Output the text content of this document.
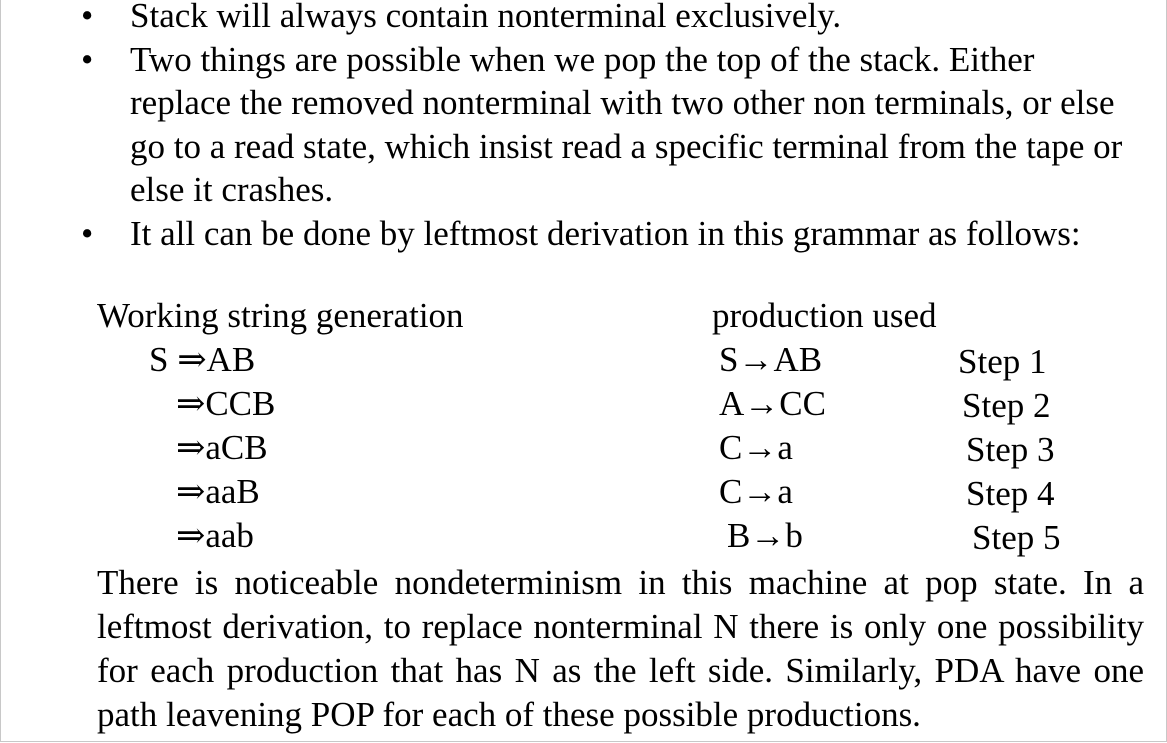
• Stack will always contain nonterminal exclusively.
• Two things are possible when we pop the top of the stack. Either replace the removed nonterminal with two other non terminals, or else go to a read state, which insist read a specific terminal from the tape or else it crashes.
• It all can be done by leftmost derivation in this grammar as follows:
Working string generation	production used
S ⇒AB	S→AB	Step 1
⇒CCB	A→CC	Step 2
⇒aCB	C→a	Step 3
⇒aaB	C→a	Step 4
⇒aab	B→b	Step 5

There is noticeable nondeterminism in this machine at pop state. In a leftmost derivation, to replace nonterminal N there is only one possibility for each production that has N as the left side. Similarly, PDA have one path leavening POP for each of these possible productions.
